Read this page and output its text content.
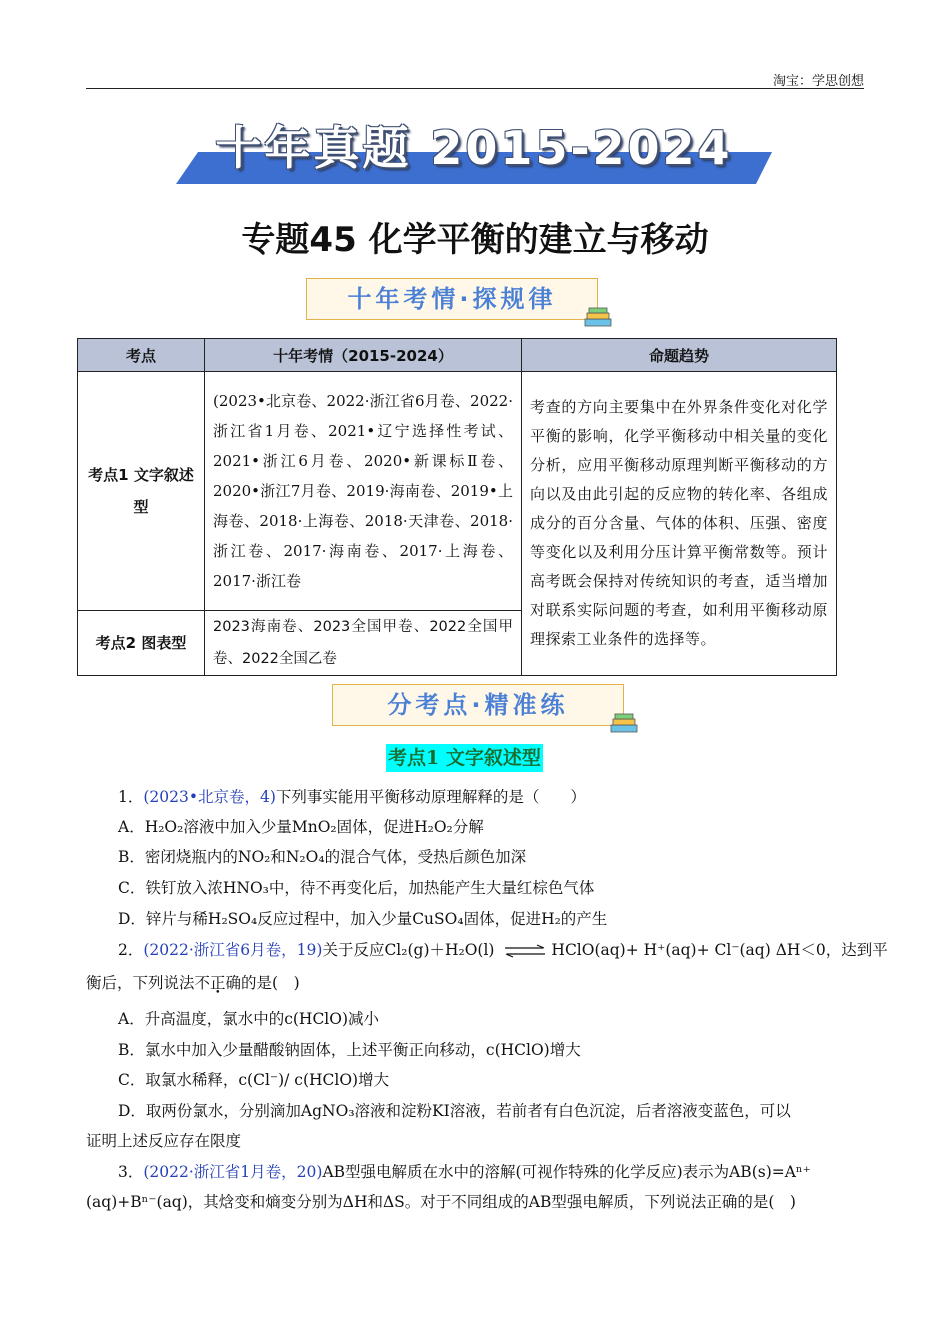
淘宝：学思创想
十年真题 2015-2024
专题45 化学平衡的建立与移动
十年考情·探规律
考点	十年考情（2015-2024）	命题趋势
考点1 文字叙述型	(2023•北京卷、2022·浙江省6月卷、2022·浙江省1月卷、2021•辽宁选择性考试、2021•浙江6月卷、2020•新课标Ⅱ卷、2020•浙江7月卷、2019·海南卷、2019•上海卷、2018·上海卷、2018·天津卷、2018·浙江卷、2017·海南卷、2017·上海卷、2017·浙江卷	考查的方向主要集中在外界条件变化对化学平衡的影响，化学平衡移动中相关量的变化分析，应用平衡移动原理判断平衡移动的方向以及由此引起的反应物的转化率、各组成成分的百分含量、气体的体积、压强、密度等变化以及利用分压计算平衡常数等。预计高考既会保持对传统知识的考查，适当增加对联系实际问题的考查，如利用平衡移动原理探索工业条件的选择等。
考点2 图表型	2023海南卷、2023全国甲卷、2022全国甲卷、2022全国乙卷	
分考点·精准练
考点1 文字叙述型
1．(2023•北京卷，4)下列事实能用平衡移动原理解释的是（　　）
A．H₂O₂溶液中加入少量MnO₂固体，促进H₂O₂分解
B．密闭烧瓶内的NO₂和N₂O₄的混合气体，受热后颜色加深
C．铁钉放入浓HNO₃中，待不再变化后，加热能产生大量红棕色气体
D．锌片与稀H₂SO₄反应过程中，加入少量CuSO₄固体，促进H₂的产生
2．(2022·浙江省6月卷，19)关于反应Cl₂(g)＋H₂O(l) ⇌ HClO(aq)+ H⁺(aq)+ Cl⁻(aq) ΔH＜0，达到平
衡后，下列说法不正确的是(　)
A．升高温度，氯水中的c(HClO)减小
B．氯水中加入少量醋酸钠固体，上述平衡正向移动，c(HClO)增大
C．取氯水稀释，c(Cl⁻)/ c(HClO)增大
D．取两份氯水，分别滴加AgNO₃溶液和淀粉KI溶液，若前者有白色沉淀，后者溶液变蓝色，可以
证明上述反应存在限度
3．(2022·浙江省1月卷，20)AB型强电解质在水中的溶解(可视作特殊的化学反应)表示为AB(s)=Aⁿ⁺
(aq)+Bⁿ⁻(aq)，其焓变和熵变分别为ΔH和ΔS。对于不同组成的AB型强电解质，下列说法正确的是(　)
